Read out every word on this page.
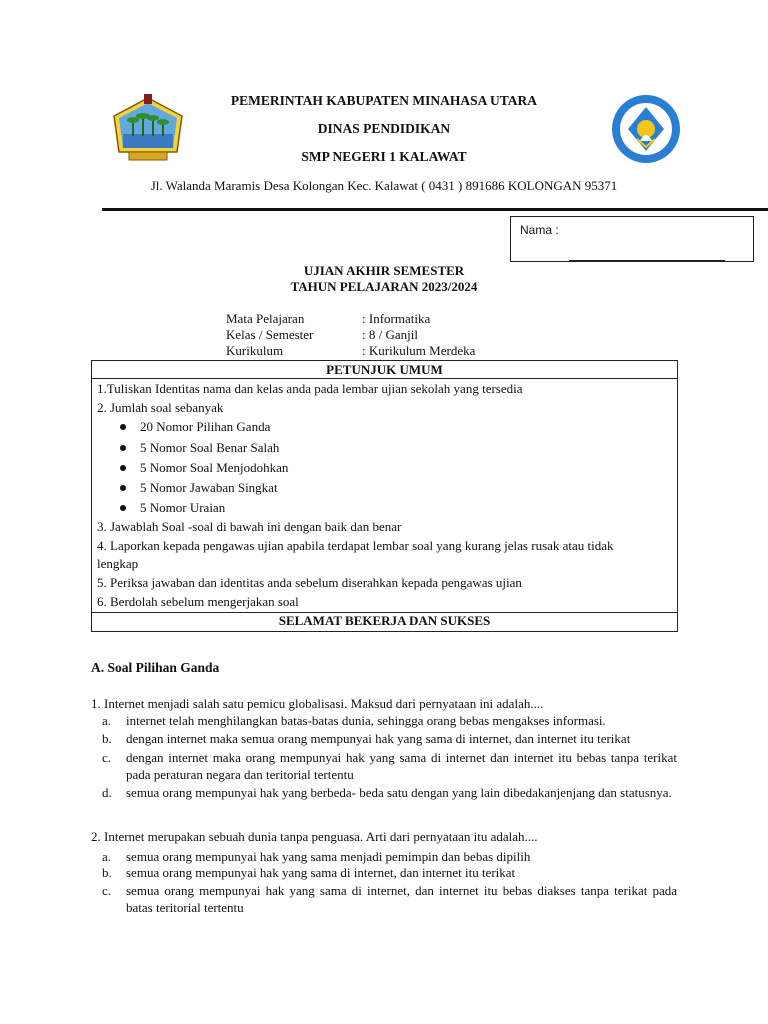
PEMERINTAH KABUPATEN MINAHASA UTARA
DINAS PENDIDIKAN
SMP NEGERI 1 KALAWAT
Jl. Walanda Maramis Desa Kolongan Kec. Kalawat ( 0431 ) 891686 KOLONGAN 95371
Nama :
UJIAN AKHIR SEMESTER
TAHUN PELAJARAN 2023/2024
Mata Pelajaran	: Informatika
Kelas / Semester	: 8 / Ganjil
Kurikulum	: Kurikulum Merdeka
PETUNJUK UMUM
1.Tuliskan Identitas nama dan kelas anda pada lembar ujian sekolah yang tersedia
2. Jumlah soal sebanyak
20 Nomor Pilihan Ganda
5 Nomor Soal Benar Salah
5 Nomor Soal Menjodohkan
5 Nomor Jawaban Singkat
5 Nomor Uraian
3. Jawablah Soal -soal di bawah ini dengan baik dan benar
4. Laporkan kepada pengawas ujian apabila terdapat lembar soal yang kurang jelas rusak atau tidak
lengkap
5. Periksa jawaban dan identitas anda sebelum diserahkan kepada pengawas ujian
6. Berdolah sebelum mengerjakan soal
SELAMAT BEKERJA DAN SUKSES
A. Soal Pilihan Ganda
1. Internet menjadi salah satu pemicu globalisasi. Maksud dari pernyataan ini adalah....
a. internet telah menghilangkan batas-batas dunia, sehingga orang bebas mengakses informasi.
b. dengan internet maka semua orang mempunyai hak yang sama di internet, dan internet itu terikat
c. dengan internet maka orang mempunyai hak yang sama di internet dan internet itu bebas tanpa terikat pada peraturan negara dan teritorial tertentu
d. semua orang mempunyai hak yang berbeda- beda satu dengan yang lain dibedakanjenjang dan statusnya.
2. Internet merupakan sebuah dunia tanpa penguasa. Arti dari pernyataan itu adalah....
a. semua orang mempunyai hak yang sama menjadi pemimpin dan bebas dipilih
b. semua orang mempunyai hak yang sama di internet, dan internet itu terikat
c. semua orang mempunyai hak yang sama di internet, dan internet itu bebas diakses tanpa terikat pada batas teritorial tertentu
